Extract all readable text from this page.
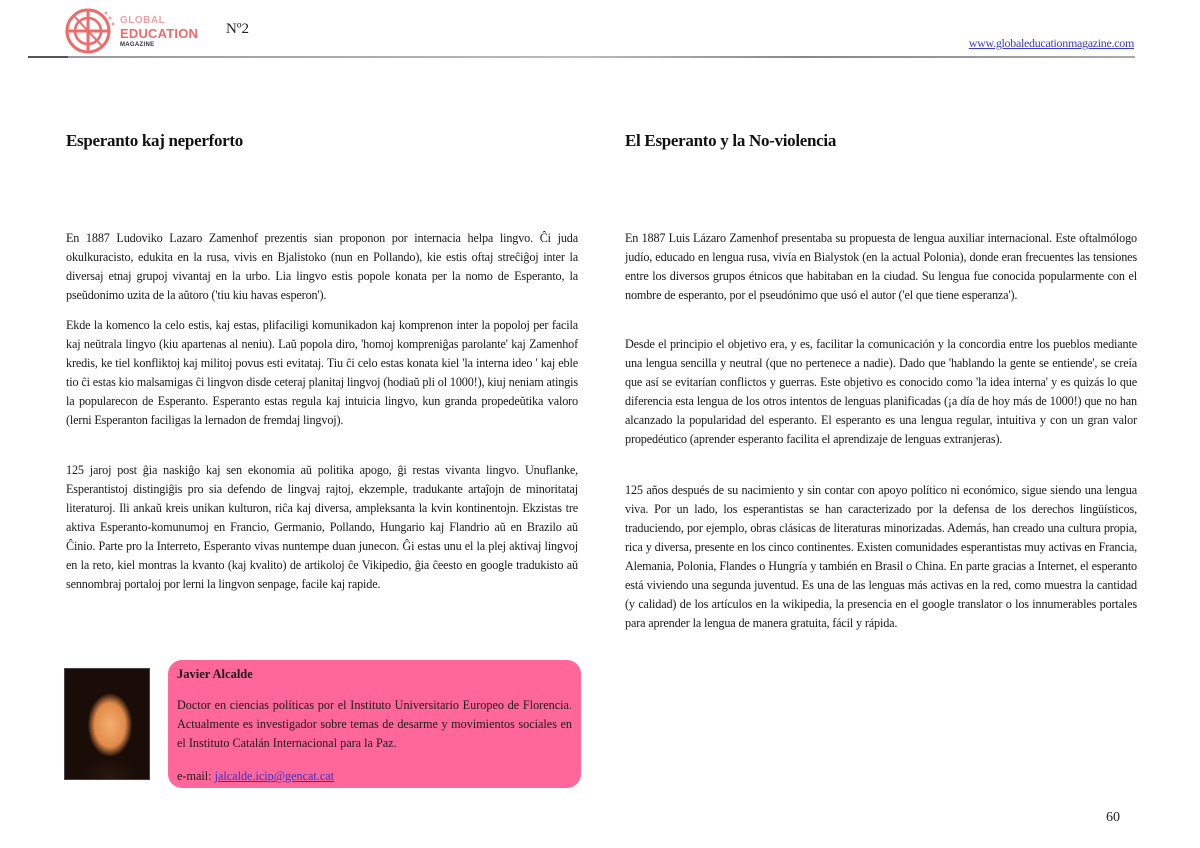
GLOBAL
EDUCATION
MAGAZINE
Nº2
www.globaleducationmagazine.com
Esperanto kaj neperforto
En 1887 Ludoviko Lazaro Zamenhof prezentis sian proponon por internacia helpa lingvo. Ĉi juda okulkuracisto, edukita en la rusa, vivis en Bjalistoko (nun en Pollando), kie estis oftaj streĉiĝoj inter la diversaj etnaj grupoj vivantaj en la urbo. Lia lingvo estis popole konata per la nomo de Esperanto, la pseŭdonimo uzita de la aŭtoro ('tiu kiu havas esperon').
Ekde la komenco la celo estis, kaj estas, plifaciligi komunikadon kaj komprenon inter la popoloj per facila kaj neŭtrala lingvo (kiu apartenas al neniu). Laŭ popola diro, 'homoj kompreniĝas parolante' kaj Zamenhof kredis, ke tiel konfliktoj kaj militoj povus esti evitataj. Tiu ĉi celo estas konata kiel 'la interna ideo ' kaj eble tio ĉi estas kio malsamigas ĉi lingvon disde ceteraj planitaj lingvoj (hodiaŭ pli ol 1000!), kiuj neniam atingis la popularecon de Esperanto. Esperanto estas regula kaj intuicia lingvo, kun granda propedeŭtika valoro (lerni Esperanton faciligas la lernadon de fremdaj lingvoj).
125 jaroj post ĝia naskiĝo kaj sen ekonomia aŭ politika apogo, ĝi restas vivanta lingvo. Unuflanke, Esperantistoj distingiĝis pro sia defendo de lingvaj rajtoj, ekzemple, tradukante artaĵojn de minoritataj literaturoj. Ili ankaŭ kreis unikan kulturon, riĉa kaj diversa, ampleksanta la kvin kontinentojn. Ekzistas tre aktiva Esperanto-komunumoj en Francio, Germanio, Pollando, Hungario kaj Flandrio aŭ en Brazilo aŭ Ĉinio. Parte pro la Interreto, Esperanto vivas nuntempe duan junecon. Ĝi estas unu el la plej aktivaj lingvoj en la reto, kiel montras la kvanto (kaj kvalito) de artikoloj ĉe Vikipedio, ĝia ĉeesto en google tradukisto aŭ sennombraj portaloj por lerni la lingvon senpage, facile kaj rapide.
El Esperanto y la No-violencia
En 1887 Luis Lázaro Zamenhof presentaba su propuesta de lengua auxiliar internacional. Este oftalmólogo judío, educado en lengua rusa, vivía en Bialystok (en la actual Polonia), donde eran frecuentes las tensiones entre los diversos grupos étnicos que habitaban en la ciudad. Su lengua fue conocida popularmente con el nombre de esperanto, por el pseudónimo que usó el autor ('el que tiene esperanza').
Desde el principio el objetivo era, y es, facilitar la comunicación y la concordia entre los pueblos mediante una lengua sencilla y neutral (que no pertenece a nadie). Dado que 'hablando la gente se entiende', se creía que así se evitarían conflictos y guerras. Este objetivo es conocido como 'la idea interna' y es quizás lo que diferencia esta lengua de los otros intentos de lenguas planificadas (¡a día de hoy más de 1000!) que no han alcanzado la popularidad del esperanto. El esperanto es una lengua regular, intuitiva y con un gran valor propedéutico (aprender esperanto facilita el aprendizaje de lenguas extranjeras).
125 años después de su nacimiento y sin contar con apoyo político ni económico, sigue siendo una lengua viva. Por un lado, los esperantistas se han caracterizado por la defensa de los derechos lingüísticos, traduciendo, por ejemplo, obras clásicas de literaturas minorizadas. Además, han creado una cultura propia, rica y diversa, presente en los cinco continentes. Existen comunidades esperantistas muy activas en Francia, Alemania, Polonia, Flandes o Hungría y también en Brasil o China. En parte gracias a Internet, el esperanto está viviendo una segunda juventud. Es una de las lenguas más activas en la red, como muestra la cantidad (y calidad) de los artículos en la wikipedia, la presencia en el google translator o los innumerables portales para aprender la lengua de manera gratuita, fácil y rápida.
Javier Alcalde
Doctor en ciencias políticas por el Instituto Universitario Europeo de Florencia. Actualmente es investigador sobre temas de desarme y movimientos sociales en el Instituto Catalán Internacional para la Paz.
e-mail: jalcalde.icip@gencat.cat
60
